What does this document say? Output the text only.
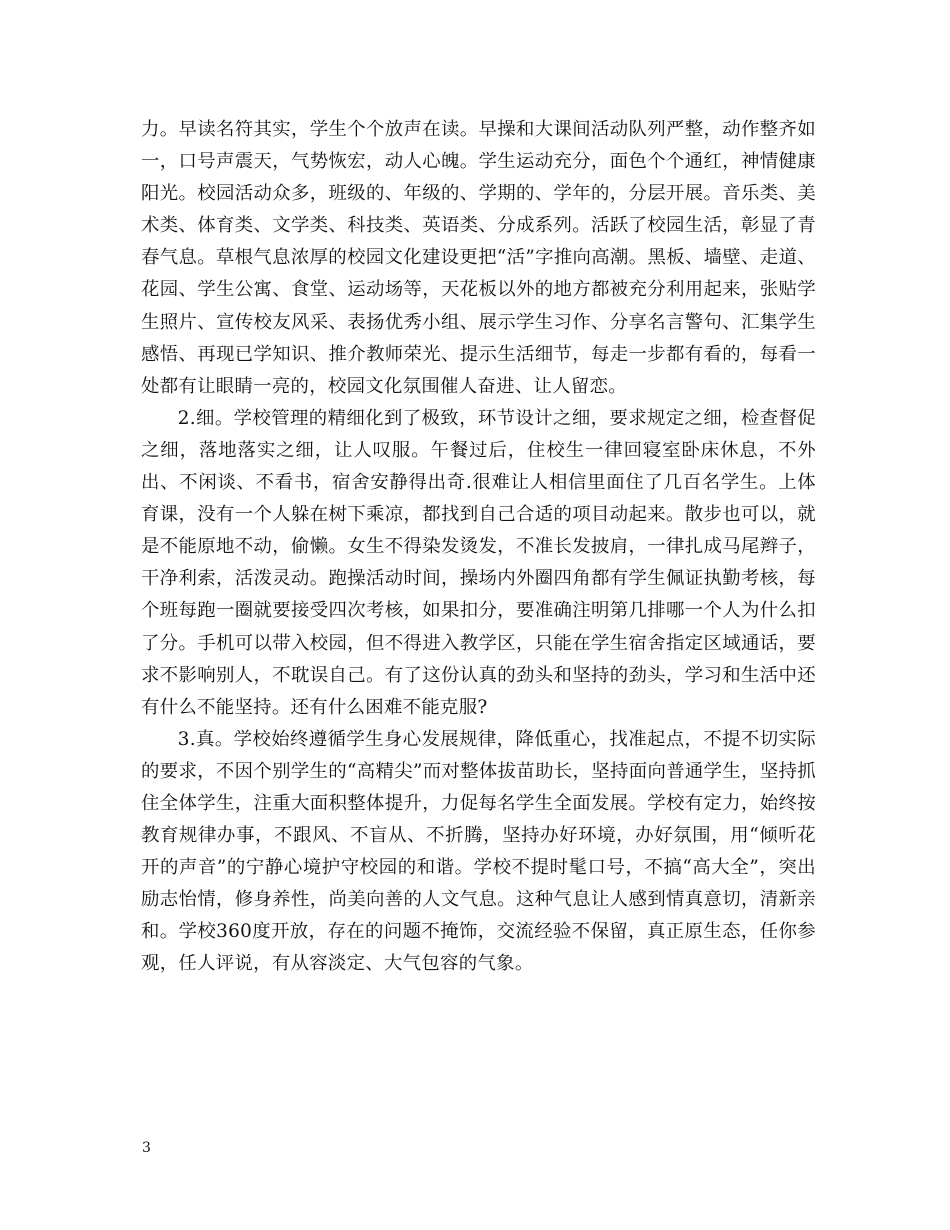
力。早读名符其实，学生个个放声在读。早操和大课间活动队列严整，动作整齐如一，口号声震天，气势恢宏，动人心魄。学生运动充分，面色个个通红，神情健康阳光。校园活动众多，班级的、年级的、学期的、学年的，分层开展。音乐类、美术类、体育类、文学类、科技类、英语类、分成系列。活跃了校园生活，彰显了青春气息。草根气息浓厚的校园文化建设更把“活”字推向高潮。黑板、墙壁、走道、花园、学生公寓、食堂、运动场等，天花板以外的地方都被充分利用起来，张贴学生照片、宣传校友风采、表扬优秀小组、展示学生习作、分享名言警句、汇集学生感悟、再现已学知识、推介教师荣光、提示生活细节，每走一步都有看的，每看一处都有让眼睛一亮的，校园文化氛围催人奋进、让人留恋。

2.细。学校管理的精细化到了极致，环节设计之细，要求规定之细，检查督促之细，落地落实之细，让人叹服。午餐过后，住校生一律回寝室卧床休息，不外出、不闲谈、不看书，宿舍安静得出奇.很难让人相信里面住了几百名学生。上体育课，没有一个人躲在树下乘凉，都找到自己合适的项目动起来。散步也可以，就是不能原地不动，偷懒。女生不得染发烫发，不准长发披肩，一律扎成马尾辫子，干净利索，活泼灵动。跑操活动时间，操场内外圈四角都有学生佩证执勤考核，每个班每跑一圈就要接受四次考核，如果扣分，要准确注明第几排哪一个人为什么扣了分。手机可以带入校园，但不得进入教学区，只能在学生宿舍指定区域通话，要求不影响别人，不耽误自己。有了这份认真的劲头和坚持的劲头，学习和生活中还有什么不能坚持。还有什么困难不能克服?

3.真。学校始终遵循学生身心发展规律，降低重心，找准起点，不提不切实际的要求，不因个别学生的“高精尖”而对整体拔苗助长，坚持面向普通学生，坚持抓住全体学生，注重大面积整体提升，力促每名学生全面发展。学校有定力，始终按教育规律办事，不跟风、不盲从、不折腾，坚持办好环境，办好氛围，用“倾听花开的声音”的宁静心境护守校园的和谐。学校不提时髦口号，不搞“高大全”，突出励志怡情，修身养性，尚美向善的人文气息。这种气息让人感到情真意切，清新亲和。学校360度开放，存在的问题不掩饰，交流经验不保留，真正原生态，任你参观，任人评说，有从容淡定、大气包容的气象。

3
